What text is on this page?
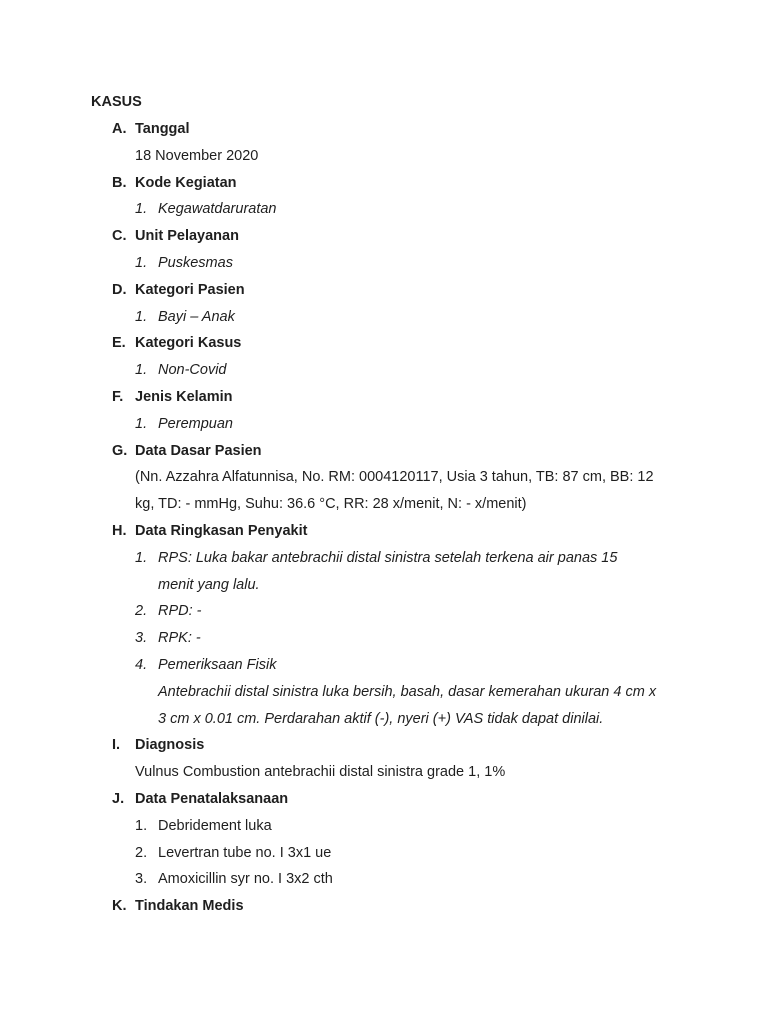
KASUS
A. Tanggal
18 November 2020
B. Kode Kegiatan
1. Kegawatdaruratan
C. Unit Pelayanan
1. Puskesmas
D. Kategori Pasien
1. Bayi – Anak
E. Kategori Kasus
1. Non-Covid
F. Jenis Kelamin
1. Perempuan
G. Data Dasar Pasien
(Nn. Azzahra Alfatunnisa, No. RM: 0004120117, Usia 3 tahun, TB: 87 cm, BB: 12
kg, TD: - mmHg, Suhu: 36.6 °C, RR: 28 x/menit, N: - x/menit)
H. Data Ringkasan Penyakit
1. RPS: Luka bakar antebrachii distal sinistra setelah terkena air panas 15
menit yang lalu.
2. RPD: -
3. RPK: -
4. Pemeriksaan Fisik
Antebrachii distal sinistra luka bersih, basah, dasar kemerahan ukuran 4 cm x
3 cm x 0.01 cm. Perdarahan aktif (-), nyeri (+) VAS tidak dapat dinilai.
I. Diagnosis
Vulnus Combustion antebrachii distal sinistra grade 1, 1%
J. Data Penatalaksanaan
1. Debridement luka
2. Levertran tube no. I 3x1 ue
3. Amoxicillin syr no. I 3x2 cth
K. Tindakan Medis
